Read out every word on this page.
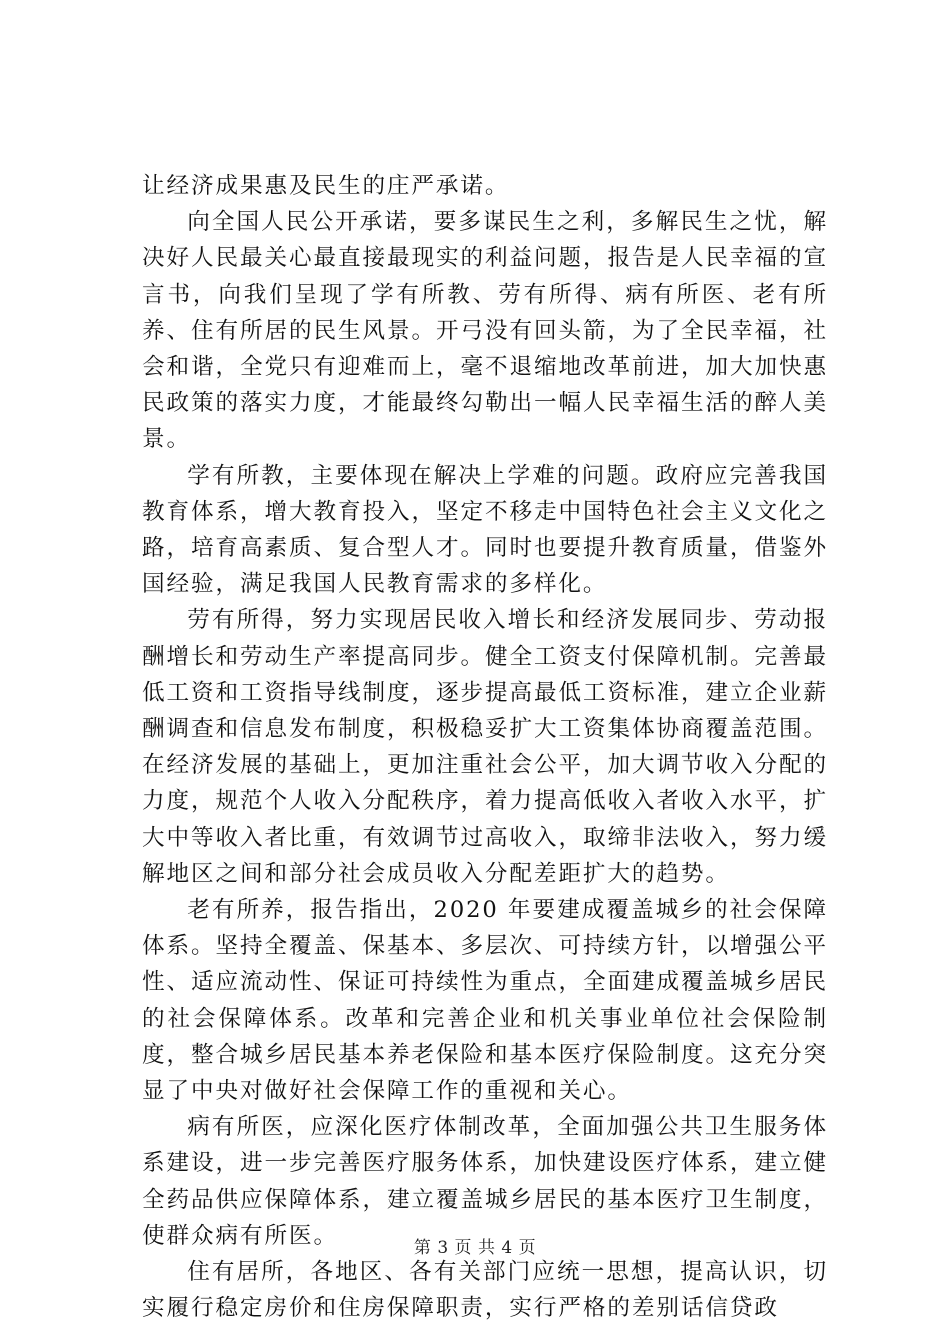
让经济成果惠及民生的庄严承诺。

向全国人民公开承诺，要多谋民生之利，多解民生之忧，解决好人民最关心最直接最现实的利益问题，报告是人民幸福的宣言书，向我们呈现了学有所教、劳有所得、病有所医、老有所养、住有所居的民生风景。开弓没有回头箭，为了全民幸福，社会和谐，全党只有迎难而上，毫不退缩地改革前进，加大加快惠民政策的落实力度，才能最终勾勒出一幅人民幸福生活的醉人美景。

学有所教，主要体现在解决上学难的问题。政府应完善我国教育体系，增大教育投入，坚定不移走中国特色社会主义文化之路，培育高素质、复合型人才。同时也要提升教育质量，借鉴外国经验，满足我国人民教育需求的多样化。

劳有所得，努力实现居民收入增长和经济发展同步、劳动报酬增长和劳动生产率提高同步。健全工资支付保障机制。完善最低工资和工资指导线制度，逐步提高最低工资标准，建立企业薪酬调查和信息发布制度，积极稳妥扩大工资集体协商覆盖范围。在经济发展的基础上，更加注重社会公平，加大调节收入分配的力度，规范个人收入分配秩序，着力提高低收入者收入水平，扩大中等收入者比重，有效调节过高收入，取缔非法收入，努力缓解地区之间和部分社会成员收入分配差距扩大的趋势。

老有所养，报告指出，2020 年要建成覆盖城乡的社会保障体系。坚持全覆盖、保基本、多层次、可持续方针，以增强公平性、适应流动性、保证可持续性为重点，全面建成覆盖城乡居民的社会保障体系。改革和完善企业和机关事业单位社会保险制度，整合城乡居民基本养老保险和基本医疗保险制度。这充分突显了中央对做好社会保障工作的重视和关心。

病有所医，应深化医疗体制改革，全面加强公共卫生服务体系建设，进一步完善医疗服务体系，加快建设医疗体系，建立健全药品供应保障体系，建立覆盖城乡居民的基本医疗卫生制度，使群众病有所医。

住有居所，各地区、各有关部门应统一思想，提高认识，切实履行稳定房价和住房保障职责，实行严格的差别话信贷政

第 3 页 共 4 页
